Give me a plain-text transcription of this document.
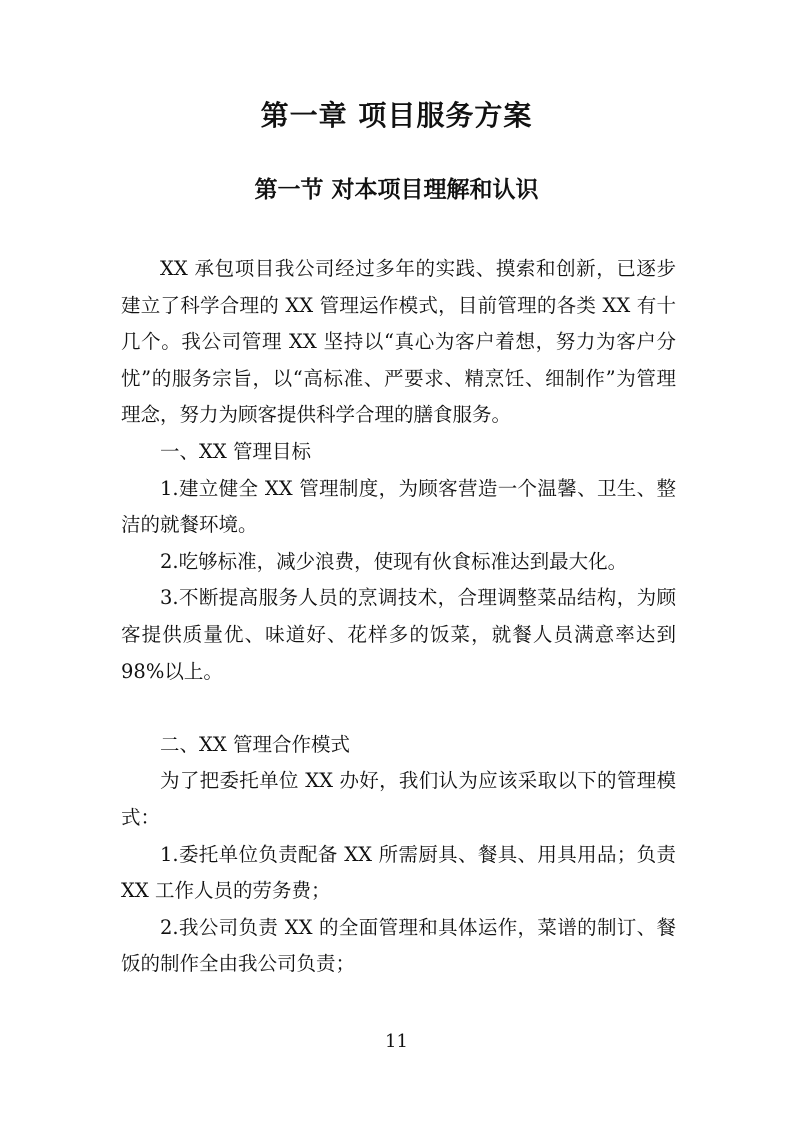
第一章 项目服务方案
第一节 对本项目理解和认识

XX 承包项目我公司经过多年的实践、摸索和创新，已逐步建立了科学合理的 XX 管理运作模式，目前管理的各类 XX 有十几个。我公司管理 XX 坚持以“真心为客户着想，努力为客户分忧”的服务宗旨，以“高标准、严要求、精烹饪、细制作”为管理理念，努力为顾客提供科学合理的膳食服务。

一、XX 管理目标

1.建立健全 XX 管理制度，为顾客营造一个温馨、卫生、整洁的就餐环境。

2.吃够标准，减少浪费，使现有伙食标准达到最大化。

3.不断提高服务人员的烹调技术，合理调整菜品结构，为顾客提供质量优、味道好、花样多的饭菜，就餐人员满意率达到 98%以上。

二、XX 管理合作模式

为了把委托单位 XX 办好，我们认为应该采取以下的管理模式：

1.委托单位负责配备 XX 所需厨具、餐具、用具用品；负责 XX 工作人员的劳务费；

2.我公司负责 XX 的全面管理和具体运作，菜谱的制订、餐饭的制作全由我公司负责；

11
